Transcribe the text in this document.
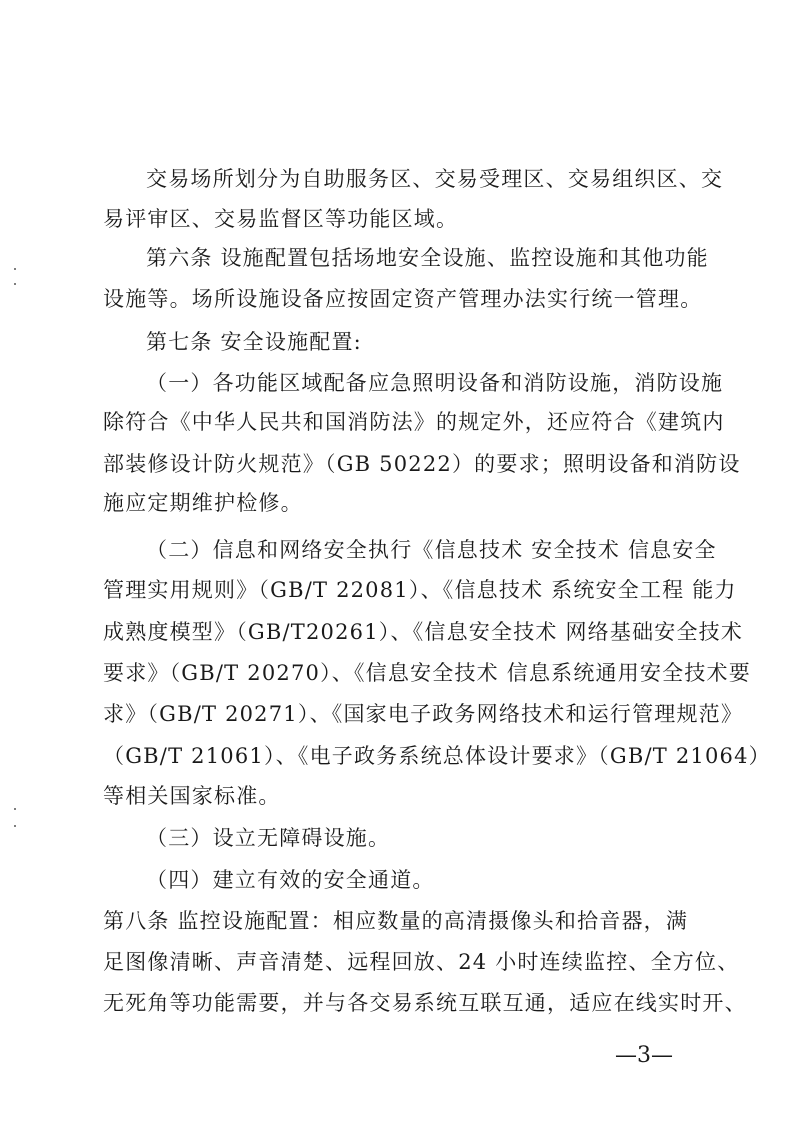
交易场所划分为自助服务区、交易受理区、交易组织区、交
易评审区、交易监督区等功能区域。
第六条 设施配置包括场地安全设施、监控设施和其他功能
设施等。场所设施设备应按固定资产管理办法实行统一管理。
第七条 安全设施配置:
（一）各功能区域配备应急照明设备和消防设施，消防设施
除符合《中华人民共和国消防法》的规定外，还应符合《建筑内
部装修设计防火规范》（GB 50222）的要求；照明设备和消防设
施应定期维护检修。
（二）信息和网络安全执行《信息技术 安全技术 信息安全
管理实用规则》（GB/T 22081）、《信息技术 系统安全工程 能力
成熟度模型》（GB/T20261）、《信息安全技术 网络基础安全技术
要求》（GB/T 20270）、《信息安全技术 信息系统通用安全技术要
求》（GB/T 20271）、《国家电子政务网络技术和运行管理规范》
（GB/T 21061）、《电子政务系统总体设计要求》（GB/T 21064）
等相关国家标准。
（三）设立无障碍设施。
（四）建立有效的安全通道。
第八条 监控设施配置：相应数量的高清摄像头和拾音器，满
足图像清晰、声音清楚、远程回放、24 小时连续监控、全方位、
无死角等功能需要，并与各交易系统互联互通，适应在线实时开、
—3—
